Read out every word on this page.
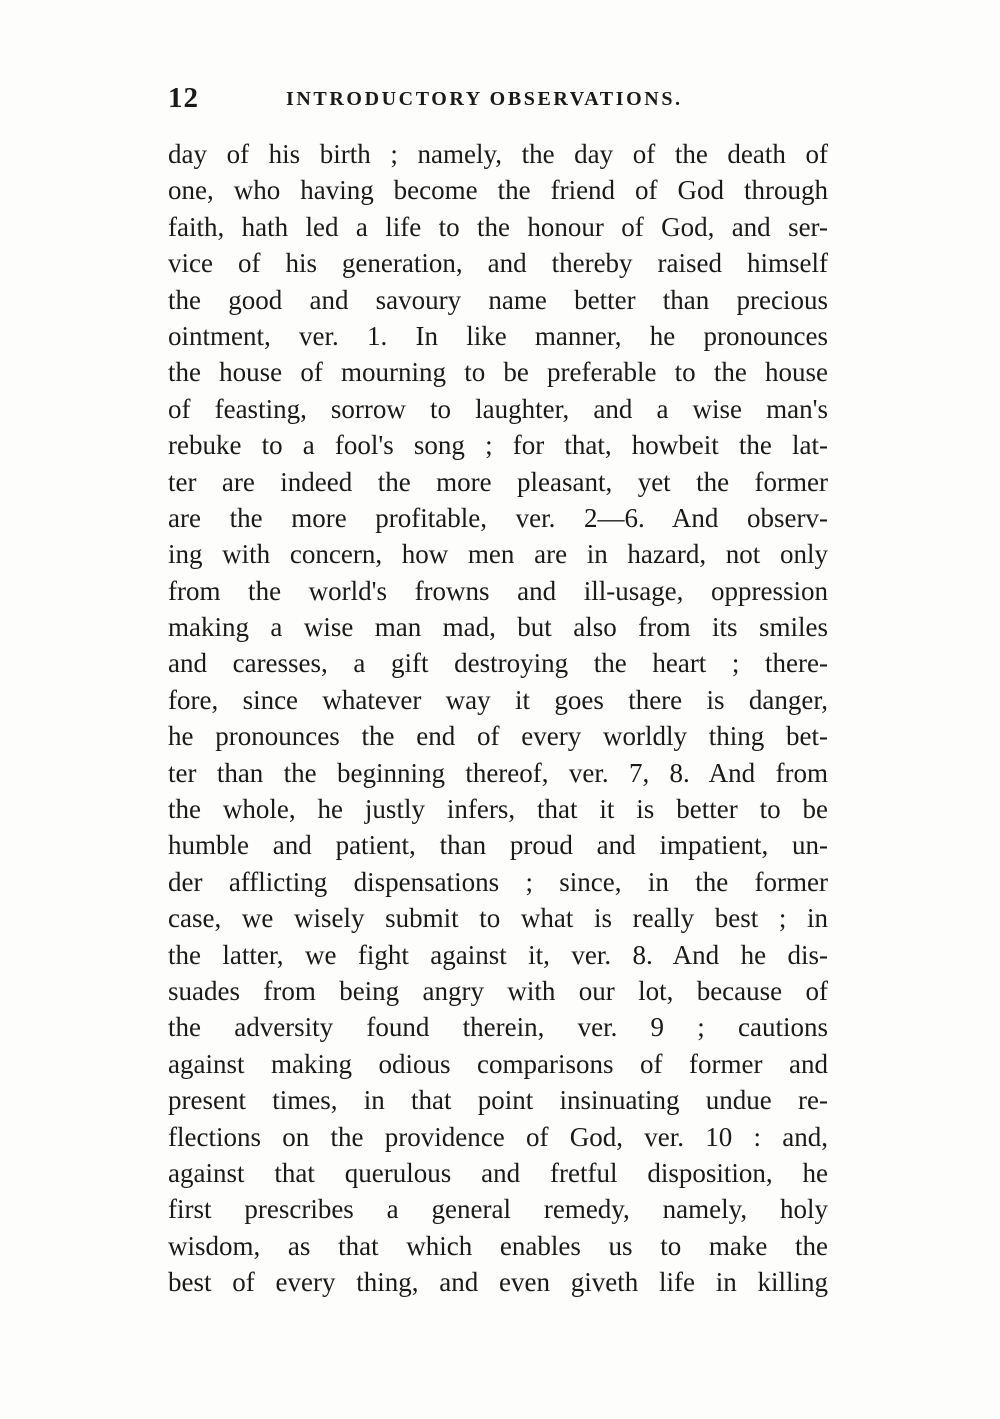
12	INTRODUCTORY OBSERVATIONS.
day of his birth ; namely, the day of the death of
one, who having become the friend of God through
faith, hath led a life to the honour of God, and ser-
vice of his generation, and thereby raised himself
the good and savoury name better than precious
ointment, ver. 1. In like manner, he pronounces
the house of mourning to be preferable to the house
of feasting, sorrow to laughter, and a wise man's
rebuke to a fool's song ; for that, howbeit the lat-
ter are indeed the more pleasant, yet the former
are the more profitable, ver. 2—6. And observ-
ing with concern, how men are in hazard, not only
from the world's frowns and ill-usage, oppression
making a wise man mad, but also from its smiles
and caresses, a gift destroying the heart ; there-
fore, since whatever way it goes there is danger,
he pronounces the end of every worldly thing bet-
ter than the beginning thereof, ver. 7, 8. And from
the whole, he justly infers, that it is better to be
humble and patient, than proud and impatient, un-
der afflicting dispensations ; since, in the former
case, we wisely submit to what is really best ; in
the latter, we fight against it, ver. 8. And he dis-
suades from being angry with our lot, because of
the adversity found therein, ver. 9 ; cautions
against making odious comparisons of former and
present times, in that point insinuating undue re-
flections on the providence of God, ver. 10 : and,
against that querulous and fretful disposition, he
first prescribes a general remedy, namely, holy
wisdom, as that which enables us to make the
best of every thing, and even giveth life in killing
